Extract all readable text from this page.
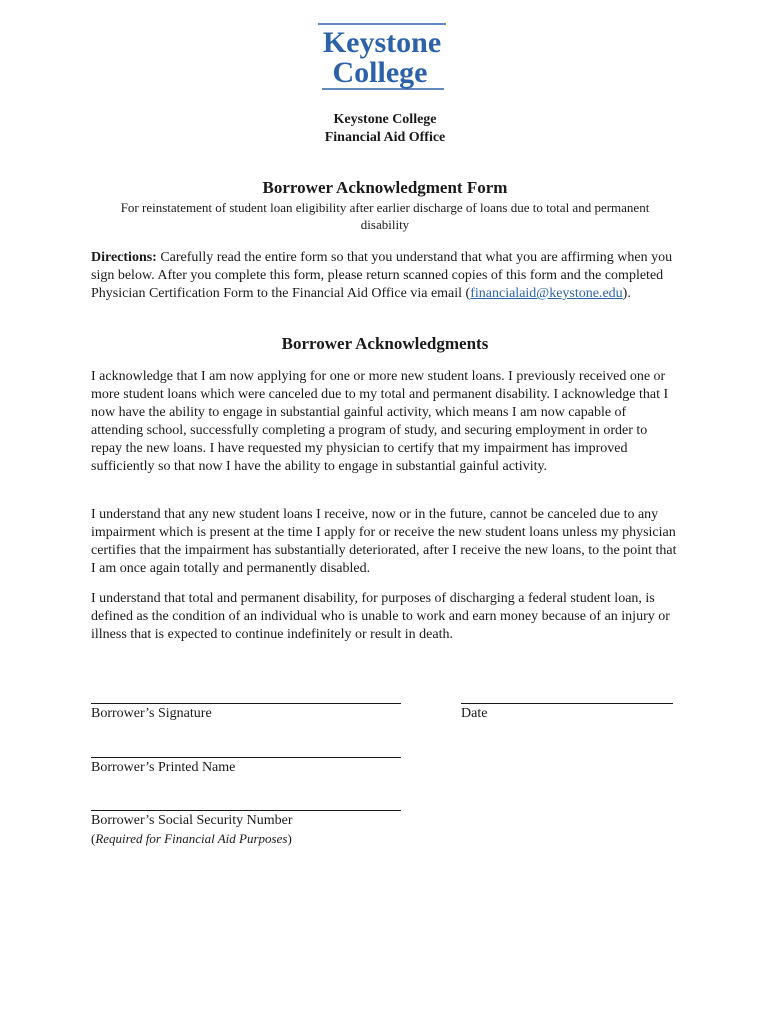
Keystone
College
Keystone College
Financial Aid Office
Borrower Acknowledgment Form
For reinstatement of student loan eligibility after earlier discharge of loans due to total and permanent disability
Directions: Carefully read the entire form so that you understand that what you are affirming when you sign below. After you complete this form, please return scanned copies of this form and the completed Physician Certification Form to the Financial Aid Office via email (financialaid@keystone.edu).
Borrower Acknowledgments
I acknowledge that I am now applying for one or more new student loans. I previously received one or more student loans which were canceled due to my total and permanent disability. I acknowledge that I now have the ability to engage in substantial gainful activity, which means I am now capable of attending school, successfully completing a program of study, and securing employment in order to repay the new loans. I have requested my physician to certify that my impairment has improved sufficiently so that now I have the ability to engage in substantial gainful activity.
I understand that any new student loans I receive, now or in the future, cannot be canceled due to any impairment which is present at the time I apply for or receive the new student loans unless my physician certifies that the impairment has substantially deteriorated, after I receive the new loans, to the point that I am once again totally and permanently disabled.
I understand that total and permanent disability, for purposes of discharging a federal student loan, is defined as the condition of an individual who is unable to work and earn money because of an injury or illness that is expected to continue indefinitely or result in death.
Borrower’s Signature	Date
Borrower’s Printed Name
Borrower’s Social Security Number
(Required for Financial Aid Purposes)
